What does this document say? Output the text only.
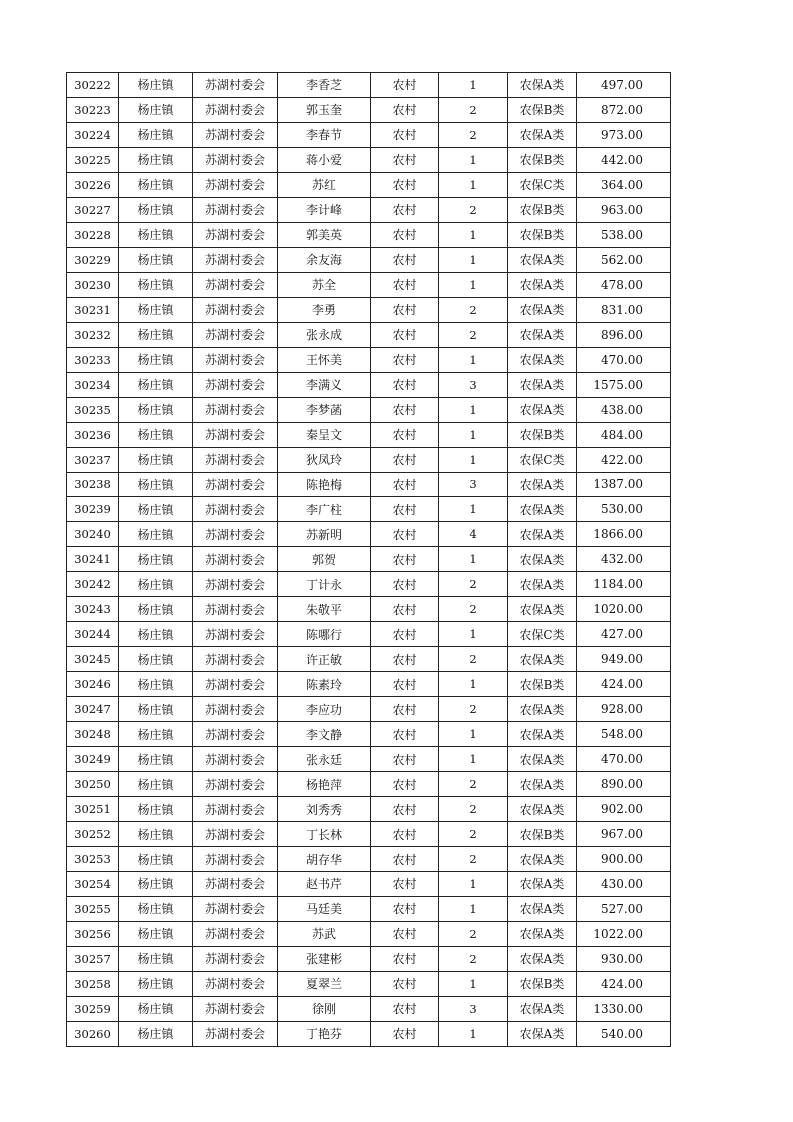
30222	杨庄镇	苏湖村委会	李香芝	农村	1	农保A类	497.00
30223	杨庄镇	苏湖村委会	郭玉奎	农村	2	农保B类	872.00
30224	杨庄镇	苏湖村委会	李春节	农村	2	农保A类	973.00
30225	杨庄镇	苏湖村委会	蒋小爱	农村	1	农保B类	442.00
30226	杨庄镇	苏湖村委会	苏红	农村	1	农保C类	364.00
30227	杨庄镇	苏湖村委会	李计峰	农村	2	农保B类	963.00
30228	杨庄镇	苏湖村委会	郭美英	农村	1	农保B类	538.00
30229	杨庄镇	苏湖村委会	余友海	农村	1	农保A类	562.00
30230	杨庄镇	苏湖村委会	苏全	农村	1	农保A类	478.00
30231	杨庄镇	苏湖村委会	李勇	农村	2	农保A类	831.00
30232	杨庄镇	苏湖村委会	张永成	农村	2	农保A类	896.00
30233	杨庄镇	苏湖村委会	王怀美	农村	1	农保A类	470.00
30234	杨庄镇	苏湖村委会	李满义	农村	3	农保A类	1575.00
30235	杨庄镇	苏湖村委会	李梦菡	农村	1	农保A类	438.00
30236	杨庄镇	苏湖村委会	秦呈文	农村	1	农保B类	484.00
30237	杨庄镇	苏湖村委会	狄凤玲	农村	1	农保C类	422.00
30238	杨庄镇	苏湖村委会	陈艳梅	农村	3	农保A类	1387.00
30239	杨庄镇	苏湖村委会	李广柱	农村	1	农保A类	530.00
30240	杨庄镇	苏湖村委会	苏新明	农村	4	农保A类	1866.00
30241	杨庄镇	苏湖村委会	郭贺	农村	1	农保A类	432.00
30242	杨庄镇	苏湖村委会	丁计永	农村	2	农保A类	1184.00
30243	杨庄镇	苏湖村委会	朱敬平	农村	2	农保A类	1020.00
30244	杨庄镇	苏湖村委会	陈哪行	农村	1	农保C类	427.00
30245	杨庄镇	苏湖村委会	许正敏	农村	2	农保A类	949.00
30246	杨庄镇	苏湖村委会	陈素玲	农村	1	农保B类	424.00
30247	杨庄镇	苏湖村委会	李应功	农村	2	农保A类	928.00
30248	杨庄镇	苏湖村委会	李文静	农村	1	农保A类	548.00
30249	杨庄镇	苏湖村委会	张永廷	农村	1	农保A类	470.00
30250	杨庄镇	苏湖村委会	杨艳萍	农村	2	农保A类	890.00
30251	杨庄镇	苏湖村委会	刘秀秀	农村	2	农保A类	902.00
30252	杨庄镇	苏湖村委会	丁长林	农村	2	农保B类	967.00
30253	杨庄镇	苏湖村委会	胡存华	农村	2	农保A类	900.00
30254	杨庄镇	苏湖村委会	赵书芹	农村	1	农保A类	430.00
30255	杨庄镇	苏湖村委会	马廷美	农村	1	农保A类	527.00
30256	杨庄镇	苏湖村委会	苏武	农村	2	农保A类	1022.00
30257	杨庄镇	苏湖村委会	张建彬	农村	2	农保A类	930.00
30258	杨庄镇	苏湖村委会	夏翠兰	农村	1	农保B类	424.00
30259	杨庄镇	苏湖村委会	徐刚	农村	3	农保A类	1330.00
30260	杨庄镇	苏湖村委会	丁艳芬	农村	1	农保A类	540.00
